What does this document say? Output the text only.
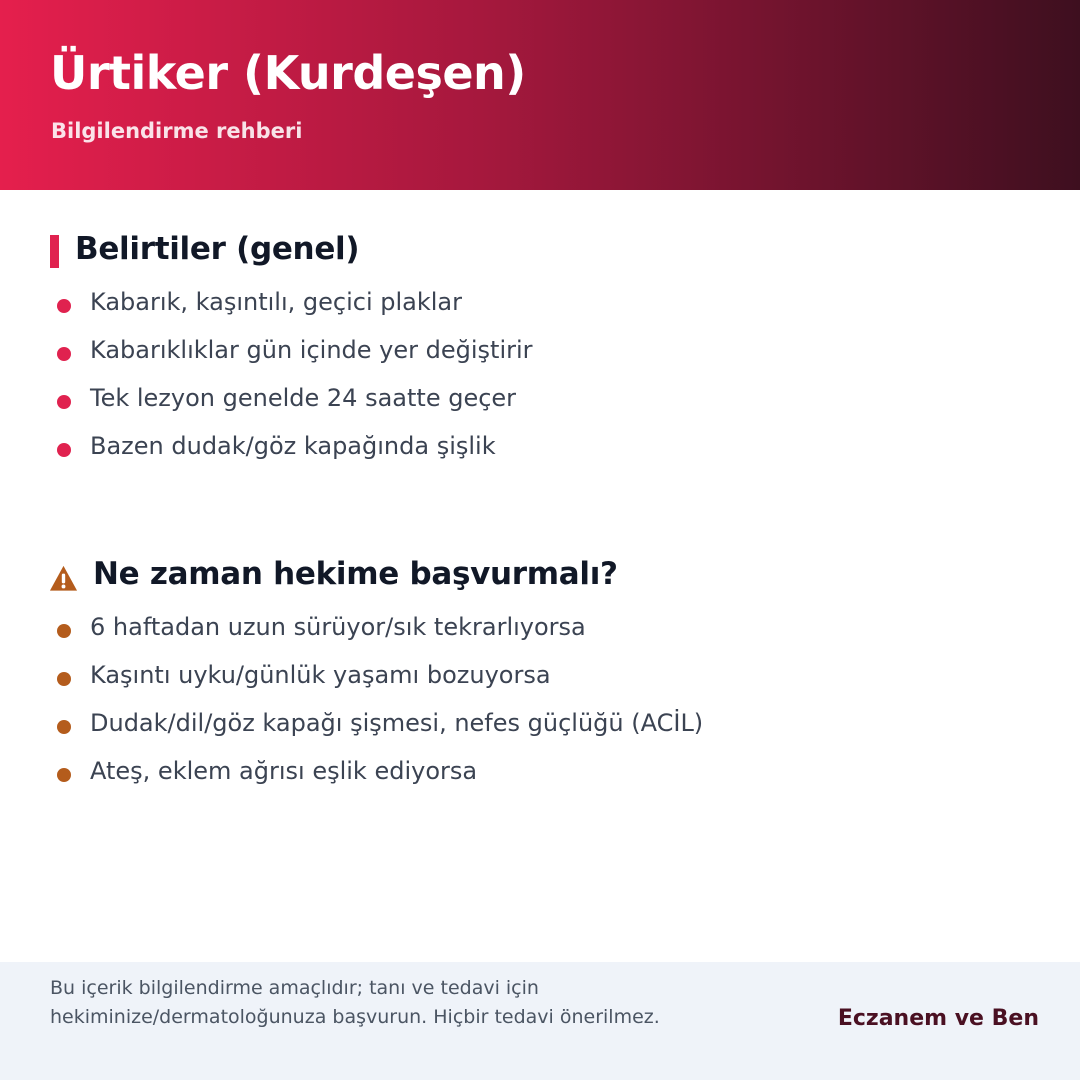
Ürtiker (Kurdeşen)
Bilgilendirme rehberi
Belirtiler (genel)
Kabarık, kaşıntılı, geçici plaklar
Kabarıklıklar gün içinde yer değiştirir
Tek lezyon genelde 24 saatte geçer
Bazen dudak/göz kapağında şişlik
Ne zaman hekime başvurmalı?
6 haftadan uzun sürüyor/sık tekrarlıyorsa
Kaşıntı uyku/günlük yaşamı bozuyorsa
Dudak/dil/göz kapağı şişmesi, nefes güçlüğü (ACİL)
Ateş, eklem ağrısı eşlik ediyorsa
Bu içerik bilgilendirme amaçlıdır; tanı ve tedavi için
hekiminize/dermatoloğunuza başvurun. Hiçbir tedavi önerilmez.	Eczanem ve Ben
